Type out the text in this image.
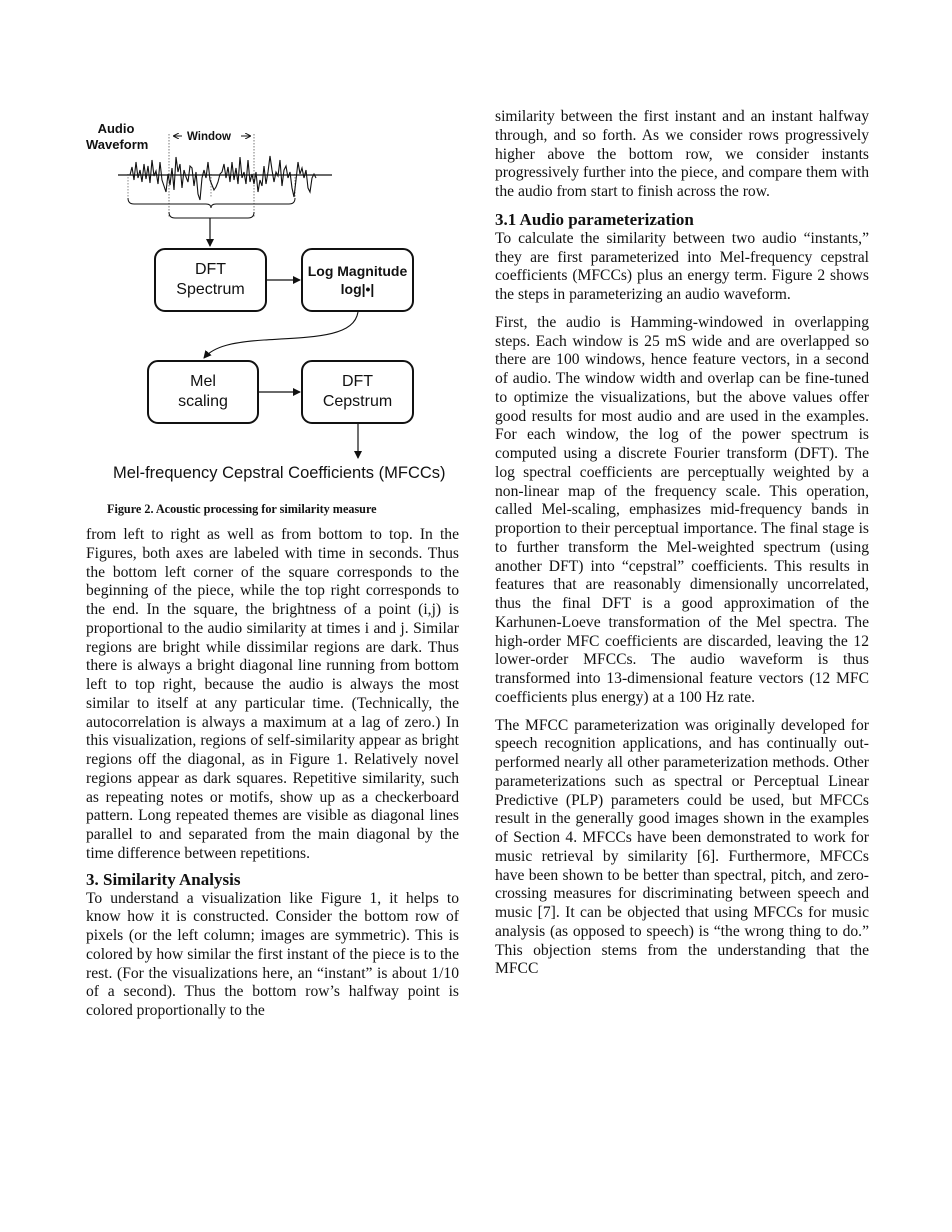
Audio
Waveform	Window
DFT
Spectrum
Log Magnitude
log|•|
Mel
scaling
DFT
Cepstrum
Mel-frequency Cepstral Coefficients (MFCCs)
Figure 2. Acoustic processing for similarity measure

from left to right as well as from bottom to top. In the Figures, both axes are labeled with time in seconds. Thus the bottom left corner of the square corresponds to the beginning of the piece, while the top right corresponds to the end. In the square, the brightness of a point (i,j) is proportional to the audio similarity at times i and j. Similar regions are bright while dissimilar regions are dark. Thus there is always a bright diagonal line running from bottom left to top right, because the audio is always the most similar to itself at any particular time. (Technically, the autocorrelation is always a maximum at a lag of zero.) In this visualization, regions of self-similarity appear as bright regions off the diagonal, as in Figure 1. Relatively novel regions appear as dark squares. Repetitive similarity, such as repeating notes or motifs, show up as a checkerboard pattern. Long repeated themes are visible as diagonal lines parallel to and separated from the main diagonal by the time difference between repetitions.

3. Similarity Analysis

To understand a visualization like Figure 1, it helps to know how it is constructed. Consider the bottom row of pixels (or the left column; images are symmetric). This is colored by how similar the first instant of the piece is to the rest. (For the visualizations here, an “instant” is about 1/10 of a second). Thus the bottom row’s halfway point is colored proportionally to the

similarity between the first instant and an instant halfway through, and so forth. As we consider rows progressively higher above the bottom row, we consider instants progressively further into the piece, and compare them with the audio from start to finish across the row.

3.1 Audio parameterization

To calculate the similarity between two audio “instants,” they are first parameterized into Mel-frequency cepstral coefficients (MFCCs) plus an energy term. Figure 2 shows the steps in parameterizing an audio waveform.

First, the audio is Hamming-windowed in overlapping steps. Each window is 25 mS wide and are overlapped so there are 100 windows, hence feature vectors, in a second of audio. The window width and overlap can be fine-tuned to optimize the visualizations, but the above values offer good results for most audio and are used in the examples. For each window, the log of the power spectrum is computed using a discrete Fourier transform (DFT). The log spectral coefficients are perceptually weighted by a non-linear map of the frequency scale. This operation, called Mel-scaling, emphasizes mid-frequency bands in proportion to their perceptual importance. The final stage is to further transform the Mel-weighted spectrum (using another DFT) into “cepstral” coefficients. This results in features that are reasonably dimensionally uncorrelated, thus the final DFT is a good approximation of the Karhunen-Loeve transformation of the Mel spectra. The high-order MFC coefficients are discarded, leaving the 12 lower-order MFCCs. The audio waveform is thus transformed into 13-dimensional feature vectors (12 MFC coefficients plus energy) at a 100 Hz rate.

The MFCC parameterization was originally developed for speech recognition applications, and has continually out-performed nearly all other parameterization methods. Other parameterizations such as spectral or Perceptual Linear Predictive (PLP) parameters could be used, but MFCCs result in the generally good images shown in the examples of Section 4. MFCCs have been demonstrated to work for music retrieval by similarity [6]. Furthermore, MFCCs have been shown to be better than spectral, pitch, and zero-crossing measures for discriminating between speech and music [7]. It can be objected that using MFCCs for music analysis (as opposed to speech) is “the wrong thing to do.” This objection stems from the understanding that the MFCC
